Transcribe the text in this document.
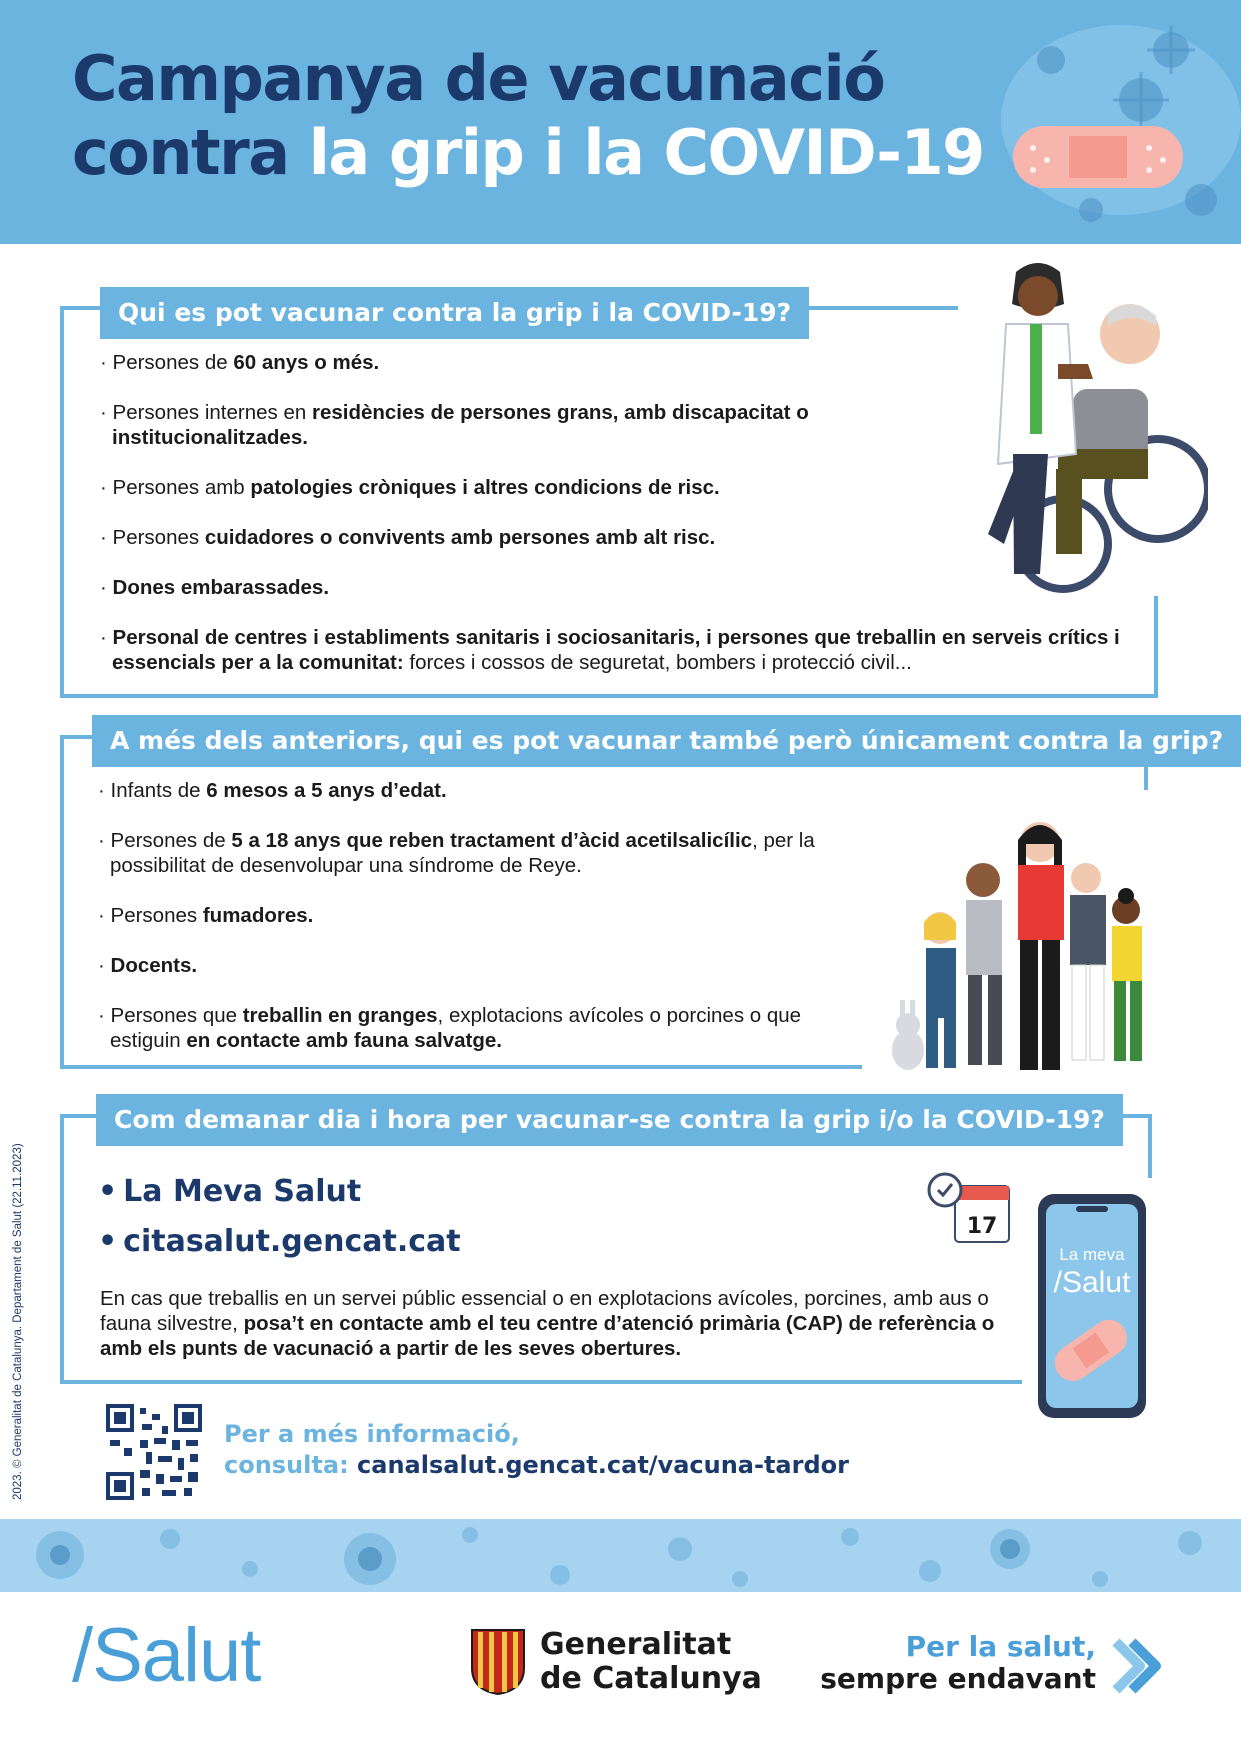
Campanya de vacunació
contra la grip i la COVID-19
Qui es pot vacunar contra la grip i la COVID-19?
· Persones de 60 anys o més.
· Persones internes en residències de persones grans, amb discapacitat o institucionalitzades.
· Persones amb patologies cròniques i altres condicions de risc.
· Persones cuidadores o convivents amb persones amb alt risc.
· Dones embarassades.
· Personal de centres i establiments sanitaris i sociosanitaris, i persones que treballin en serveis crítics i essencials per a la comunitat: forces i cossos de seguretat, bombers i protecció civil...
A més dels anteriors, qui es pot vacunar també però únicament contra la grip?
· Infants de 6 mesos a 5 anys d’edat.
· Persones de 5 a 18 anys que reben tractament d’àcid acetilsalicílic, per la possibilitat de desenvolupar una síndrome de Reye.
· Persones fumadores.
· Docents.
· Persones que treballin en granges, explotacions avícoles o porcines o que estiguin en contacte amb fauna salvatge.
Com demanar dia i hora per vacunar-se contra la grip i/o la COVID-19?
• La Meva Salut
• citasalut.gencat.cat
En cas que treballis en un servei públic essencial o en explotacions avícoles, porcines, amb aus o fauna silvestre, posa’t en contacte amb el teu centre d’atenció primària (CAP) de referència o amb els punts de vacunació a partir de les seves obertures.
17
La meva
/Salut
Per a més informació,
consulta: canalsalut.gencat.cat/vacuna-tardor
2023. © Generalitat de Catalunya. Departament de Salut (22.11.2023)
/Salut	Generalitat
de Catalunya
Per la salut,
sempre endavant
